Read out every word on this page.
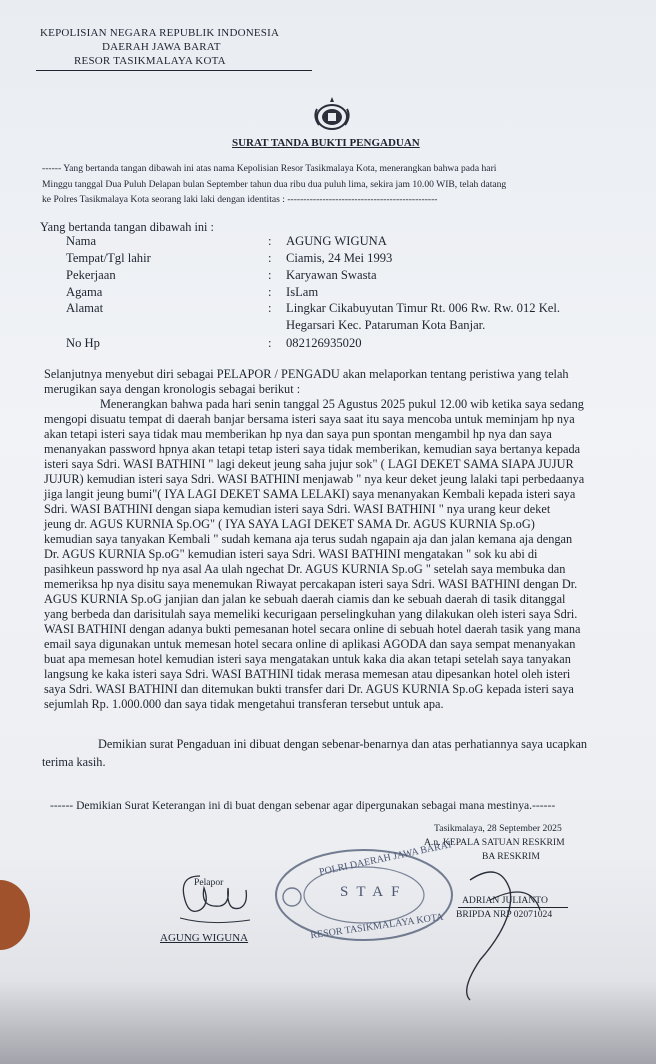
KEPOLISIAN NEGARA REPUBLIK INDONESIA
DAERAH JAWA BARAT
RESOR TASIKMALAYA KOTA
SURAT TANDA BUKTI PENGADUAN
------ Yang bertanda tangan dibawah ini atas nama Kepolisian Resor Tasikmalaya Kota, menerangkan bahwa pada hari
Minggu tanggal Dua Puluh Delapan bulan September tahun dua ribu dua puluh lima, sekira jam 10.00 WIB, telah datang
ke Polres Tasikmalaya Kota seorang laki laki dengan identitas : -----------------------------------------------
Yang bertanda tangan dibawah ini :
Nama	: AGUNG WIGUNA
Tempat/Tgl lahir	: Ciamis, 24 Mei 1993
Pekerjaan	: Karyawan Swasta
Agama	: IsLam
Alamat	: Lingkar Cikabuyutan Timur Rt. 006 Rw. Rw. 012 Kel.
Hegarsari Kec. Pataruman Kota Banjar.
No Hp	: 082126935020
Selanjutnya menyebut diri sebagai PELAPOR / PENGADU akan melaporkan tentang peristiwa yang telah
merugikan saya dengan kronologis sebagai berikut :
Menerangkan bahwa pada hari senin tanggal 25 Agustus 2025 pukul 12.00 wib ketika saya sedang
mengopi disuatu tempat di daerah banjar bersama isteri saya saat itu saya mencoba untuk meminjam hp nya
akan tetapi isteri saya tidak mau memberikan hp nya dan saya pun spontan mengambil hp nya dan saya
menanyakan password hpnya akan tetapi tetap isteri saya tidak memberikan, kemudian saya bertanya kepada
isteri saya Sdri. WASI BATHINI " lagi dekeut jeung saha jujur sok" ( LAGI DEKET SAMA SIAPA JUJUR
JUJUR) kemudian isteri saya Sdri. WASI BATHINI menjawab " nya keur deket jeung lalaki tapi perbedaanya
jiga langit jeung bumi"( IYA LAGI DEKET SAMA LELAKI) saya menanyakan Kembali kepada isteri saya
Sdri. WASI BATHINI dengan siapa kemudian isteri saya Sdri. WASI BATHINI " nya urang keur deket
jeung dr. AGUS KURNIA Sp.OG" ( IYA SAYA LAGI DEKET SAMA Dr. AGUS KURNIA Sp.oG)
kemudian saya tanyakan Kembali " sudah kemana aja terus sudah ngapain aja dan jalan kemana aja dengan
Dr. AGUS KURNIA Sp.oG" kemudian isteri saya Sdri. WASI BATHINI mengatakan " sok ku abi di
pasihkeun password hp nya asal Aa ulah ngechat Dr. AGUS KURNIA Sp.oG " setelah saya membuka dan
memeriksa hp nya disitu saya menemukan Riwayat percakapan isteri saya Sdri. WASI BATHINI dengan Dr.
AGUS KURNIA Sp.oG janjian dan jalan ke sebuah daerah ciamis dan ke sebuah daerah di tasik ditanggal
yang berbeda dan darisitulah saya memeliki kecurigaan perselingkuhan yang dilakukan oleh isteri saya Sdri.
WASI BATHINI dengan adanya bukti pemesanan hotel secara online di sebuah hotel daerah tasik yang mana
email saya digunakan untuk memesan hotel secara online di aplikasi AGODA dan saya sempat menanyakan
buat apa memesan hotel kemudian isteri saya mengatakan untuk kaka dia akan tetapi setelah saya tanyakan
langsung ke kaka isteri saya Sdri. WASI BATHINI tidak merasa memesan atau dipesankan hotel oleh isteri
saya Sdri. WASI BATHINI dan ditemukan bukti transfer dari Dr. AGUS KURNIA Sp.oG kepada isteri saya
sejumlah Rp. 1.000.000 dan saya tidak mengetahui transferan tersebut untuk apa.
Demikian surat Pengaduan ini dibuat dengan sebenar-benarnya dan atas perhatiannya saya ucapkan
terima kasih.
------ Demikian Surat Keterangan ini di buat dengan sebenar agar dipergunakan sebagai mana mestinya.------
Tasikmalaya, 28 September 2025
A.n. KEPALA SATUAN RESKRIM
BA RESKRIM
ADRIAN JULIANTO
BRIPDA NRP 02071024
POLRI DAERAH JAWA BARAT
STAF
RESOR TASIKMALAYA KOTA
Pelapor
AGUNG WIGUNA
